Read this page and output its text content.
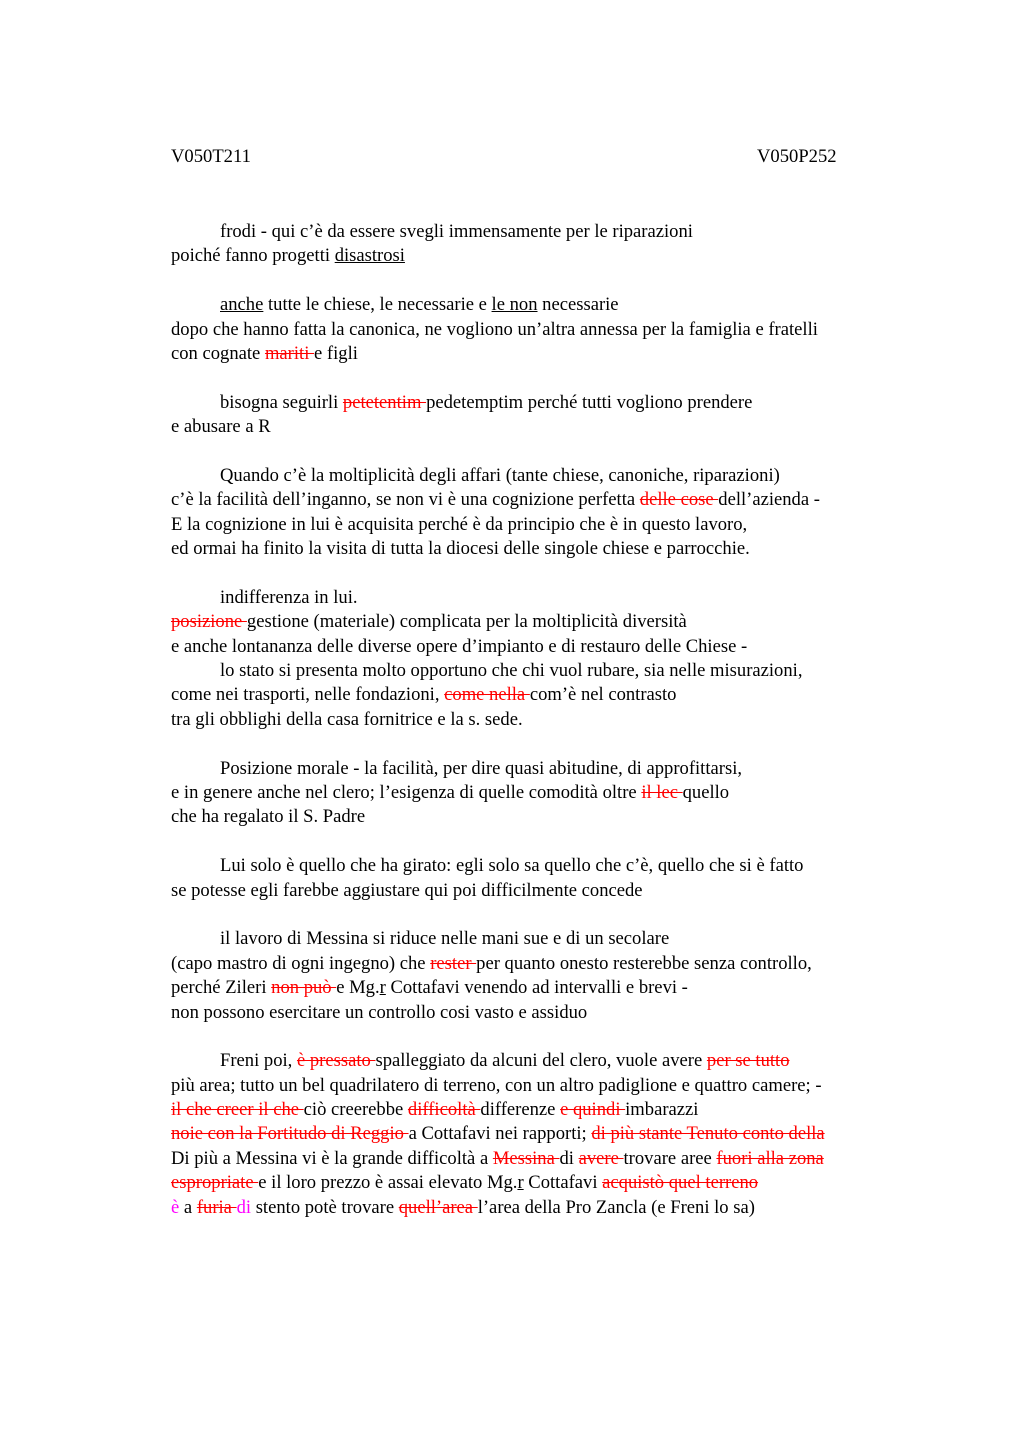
V050T211	V050P252
frodi - qui c’è da essere svegli immensamente per le riparazioni
poiché fanno progetti disastrosi
anche tutte le chiese, le necessarie e le non necessarie
dopo che hanno fatta la canonica, ne vogliono un’altra annessa per la famiglia e fratelli
con cognate mariti e figli
bisogna seguirli petetentim pedetemptim perché tutti vogliono prendere
e abusare a R
Quando c’è la moltiplicità degli affari (tante chiese, canoniche, riparazioni)
c’è la facilità dell’inganno, se non vi è una cognizione perfetta delle cose dell’azienda -
E la cognizione in lui è acquisita perché è da principio che è in questo lavoro,
ed ormai ha finito la visita di tutta la diocesi delle singole chiese e parrocchie.
indifferenza in lui.
posizione gestione (materiale) complicata per la moltiplicità diversità
e anche lontananza delle diverse opere d’impianto e di restauro delle Chiese -
lo stato si presenta molto opportuno che chi vuol rubare, sia nelle misurazioni,
come nei trasporti, nelle fondazioni, come nella com’è nel contrasto
tra gli obblighi della casa fornitrice e la s. sede.
Posizione morale - la facilità, per dire quasi abitudine, di approfittarsi,
e in genere anche nel clero; l’esigenza di quelle comodità oltre il lec quello
che ha regalato il S. Padre
Lui solo è quello che ha girato: egli solo sa quello che c’è, quello che si è fatto
se potesse egli farebbe aggiustare qui poi difficilmente concede
il lavoro di Messina si riduce nelle mani sue e di un secolare
(capo mastro di ogni ingegno) che rester per quanto onesto resterebbe senza controllo,
perché Zileri non può e Mg.r Cottafavi venendo ad intervalli e brevi -
non possono esercitare un controllo cosi vasto e assiduo
Freni poi, è pressato spalleggiato da alcuni del clero, vuole avere per se tutto
più area; tutto un bel quadrilatero di terreno, con un altro padiglione e quattro camere; -
il che creer il che ciò creerebbe difficoltà differenze e quindi imbarazzi
noie con la Fortitudo di Reggio a Cottafavi nei rapporti; di più stante Tenuto conto della
Di più a Messina vi è la grande difficoltà a Messina di avere trovare aree fuori alla zona
espropriate e il loro prezzo è assai elevato Mg.r Cottafavi acquistò quel terreno
è a furia di stento potè trovare quell’area l’area della Pro Zancla (e Freni lo sa)
